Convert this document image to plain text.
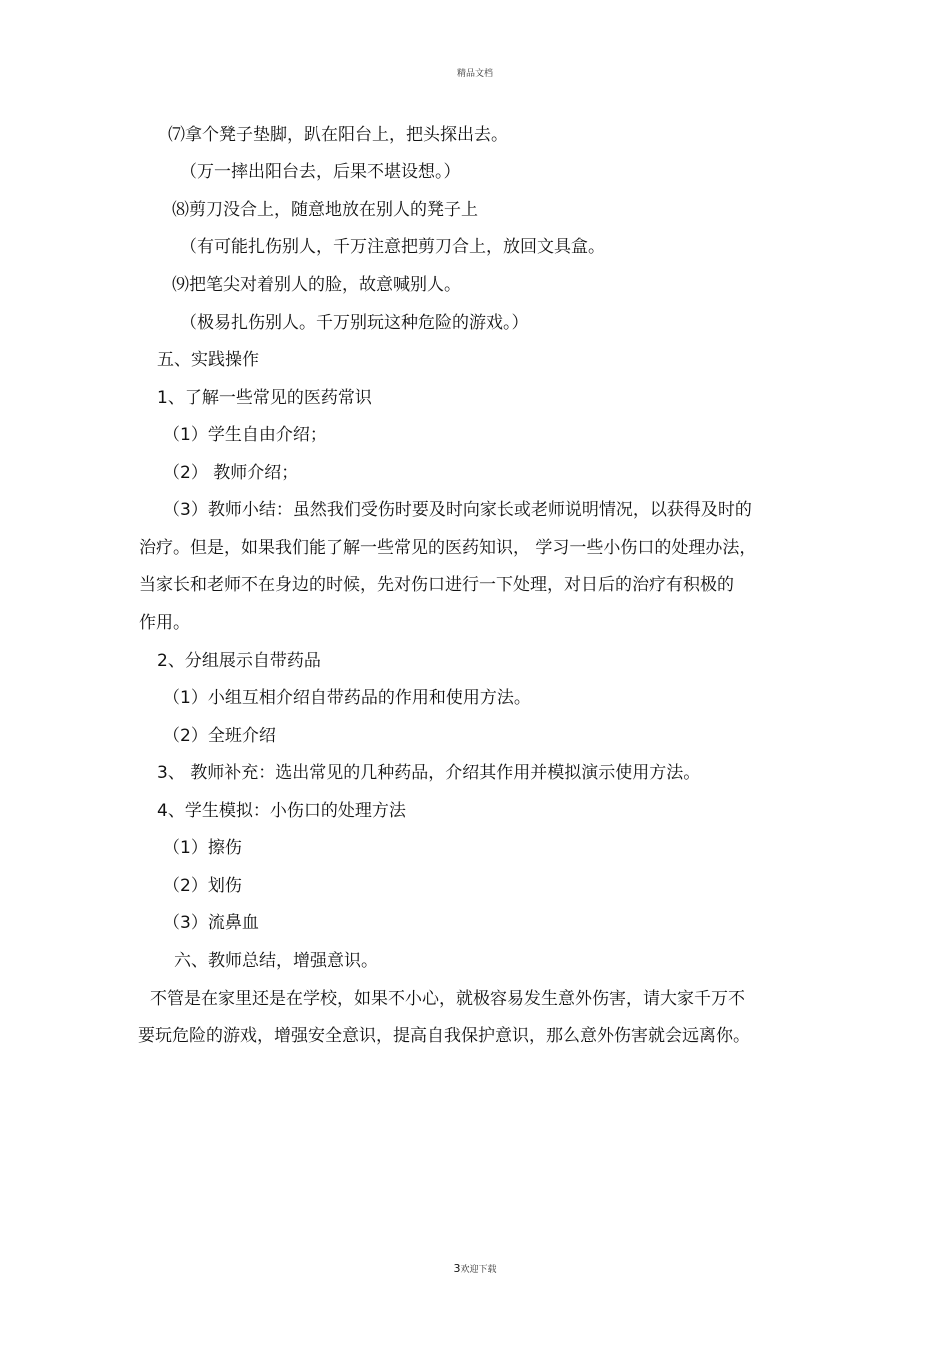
精品文档
⑺拿个凳子垫脚，趴在阳台上，把头探出去。
（万一摔出阳台去，后果不堪设想。）
⑻剪刀没合上，随意地放在别人的凳子上
（有可能扎伤别人，千万注意把剪刀合上，放回文具盒。
⑼把笔尖对着别人的脸，故意喊别人。
（极易扎伤别人。千万别玩这种危险的游戏。）
五、实践操作
1、了解一些常见的医药常识
（1）学生自由介绍；
（2） 教师介绍；
（3）教师小结：虽然我们受伤时要及时向家长或老师说明情况，以获得及时的
治疗。但是，如果我们能了解一些常见的医药知识， 学习一些小伤口的处理办法，
当家长和老师不在身边的时候，先对伤口进行一下处理，对日后的治疗有积极的
作用。
2、分组展示自带药品
（1）小组互相介绍自带药品的作用和使用方法。
（2）全班介绍
3、 教师补充：选出常见的几种药品，介绍其作用并模拟演示使用方法。
4、学生模拟：小伤口的处理方法
（1）擦伤
（2）划伤
（3）流鼻血
六、教师总结，增强意识。
不管是在家里还是在学校，如果不小心，就极容易发生意外伤害，请大家千万不
要玩危险的游戏，增强安全意识，提高自我保护意识，那么意外伤害就会远离你。
3欢迎下载
